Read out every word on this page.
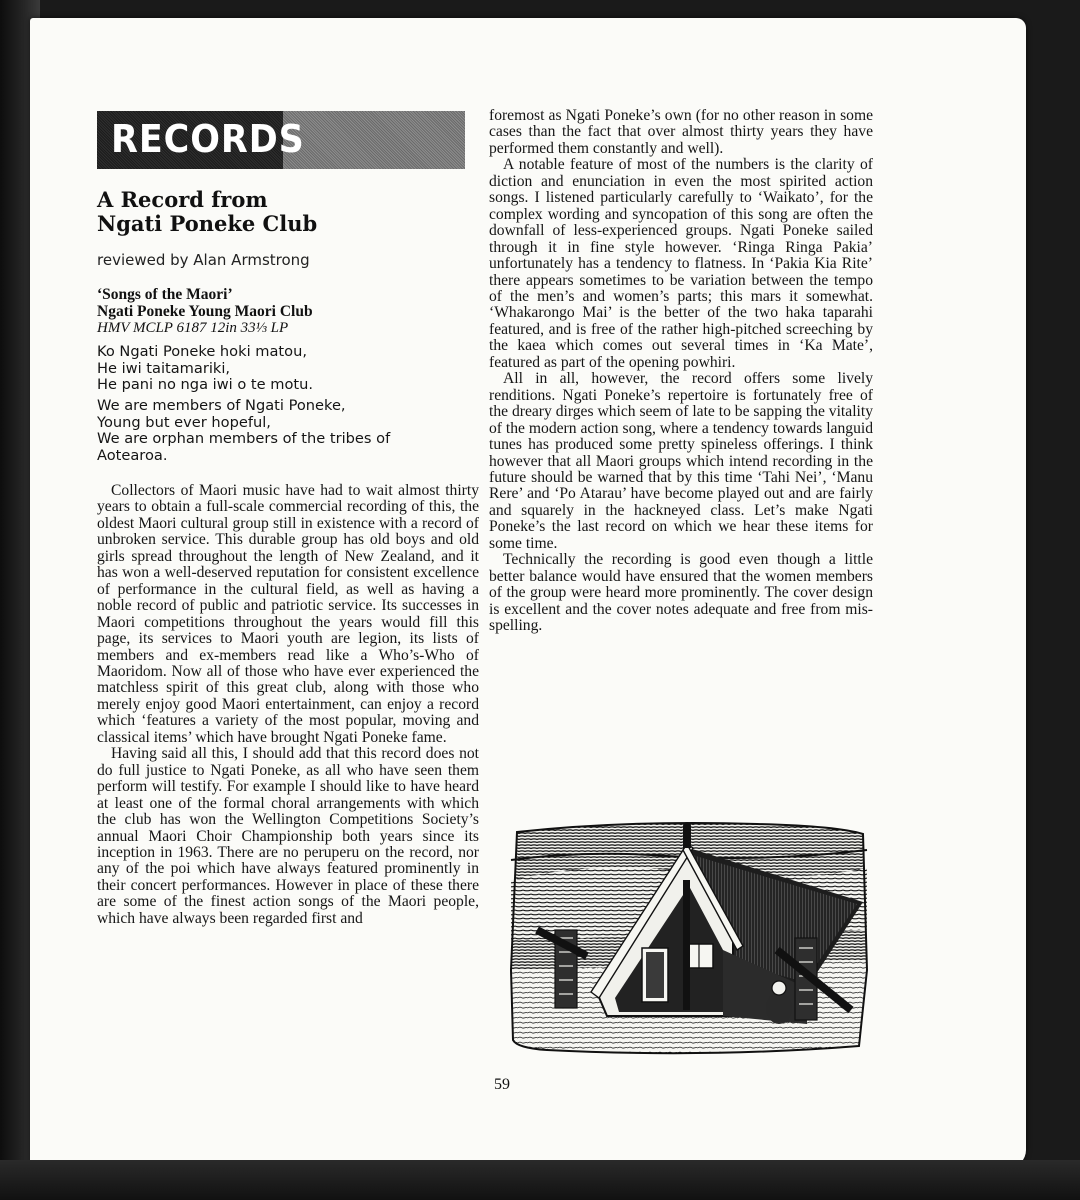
RECORDS
A Record from
Ngati Poneke Club
reviewed by Alan Armstrong
‘Songs of the Maori’
Ngati Poneke Young Maori Club
HMV MCLP 6187 12in 33⅓ LP
Ko Ngati Poneke hoki matou,
He iwi taitamariki,
He pani no nga iwi o te motu.
We are members of Ngati Poneke,
Young but ever hopeful,
We are orphan members of the tribes of
Aotearoa.

Collectors of Maori music have had to wait almost thirty years to obtain a full-scale commercial recording of this, the oldest Maori cultural group still in existence with a record of unbroken service. This durable group has old boys and old girls spread throughout the length of New Zealand, and it has won a well-deserved reputation for consistent excellence of performance in the cultural field, as well as having a noble record of public and patriotic service. Its successes in Maori competitions throughout the years would fill this page, its services to Maori youth are legion, its lists of members and ex-members read like a Who’s-Who of Maoridom. Now all of those who have ever experienced the matchless spirit of this great club, along with those who merely enjoy good Maori entertainment, can enjoy a record which ‘features a variety of the most popular, moving and classical items’ which have brought Ngati Poneke fame.

Having said all this, I should add that this record does not do full justice to Ngati Poneke, as all who have seen them perform will testify. For example I should like to have heard at least one of the formal choral arrangements with which the club has won the Wellington Competitions Society’s annual Maori Choir Championship both years since its inception in 1963. There are no peruperu on the record, nor any of the poi which have always featured prominently in their concert performances. However in place of these there are some of the finest action songs of the Maori people, which have always been regarded first and

foremost as Ngati Poneke’s own (for no other reason in some cases than the fact that over almost thirty years they have performed them constantly and well).

A notable feature of most of the numbers is the clarity of diction and enunciation in even the most spirited action songs. I listened particularly carefully to ‘Waikato’, for the complex wording and syncopation of this song are often the downfall of less-experienced groups. Ngati Poneke sailed through it in fine style however. ‘Ringa Ringa Pakia’ unfortunately has a tendency to flatness. In ‘Pakia Kia Rite’ there appears sometimes to be variation between the tempo of the men’s and women’s parts; this mars it somewhat. ‘Whakarongo Mai’ is the better of the two haka taparahi featured, and is free of the rather high-pitched screeching by the kaea which comes out several times in ‘Ka Mate’, featured as part of the opening powhiri.

All in all, however, the record offers some lively renditions. Ngati Poneke’s repertoire is fortunately free of the dreary dirges which seem of late to be sapping the vitality of the modern action song, where a tendency towards languid tunes has produced some pretty spineless offerings. I think however that all Maori groups which intend recording in the future should be warned that by this time ‘Tahi Nei’, ‘Manu Rere’ and ‘Po Atarau’ have become played out and are fairly and squarely in the hackneyed class. Let’s make Ngati Poneke’s the last record on which we hear these items for some time.

Technically the recording is good even though a little better balance would have ensured that the women members of the group were heard more prominently. The cover design is excellent and the cover notes adequate and free from mis-spelling.

59
